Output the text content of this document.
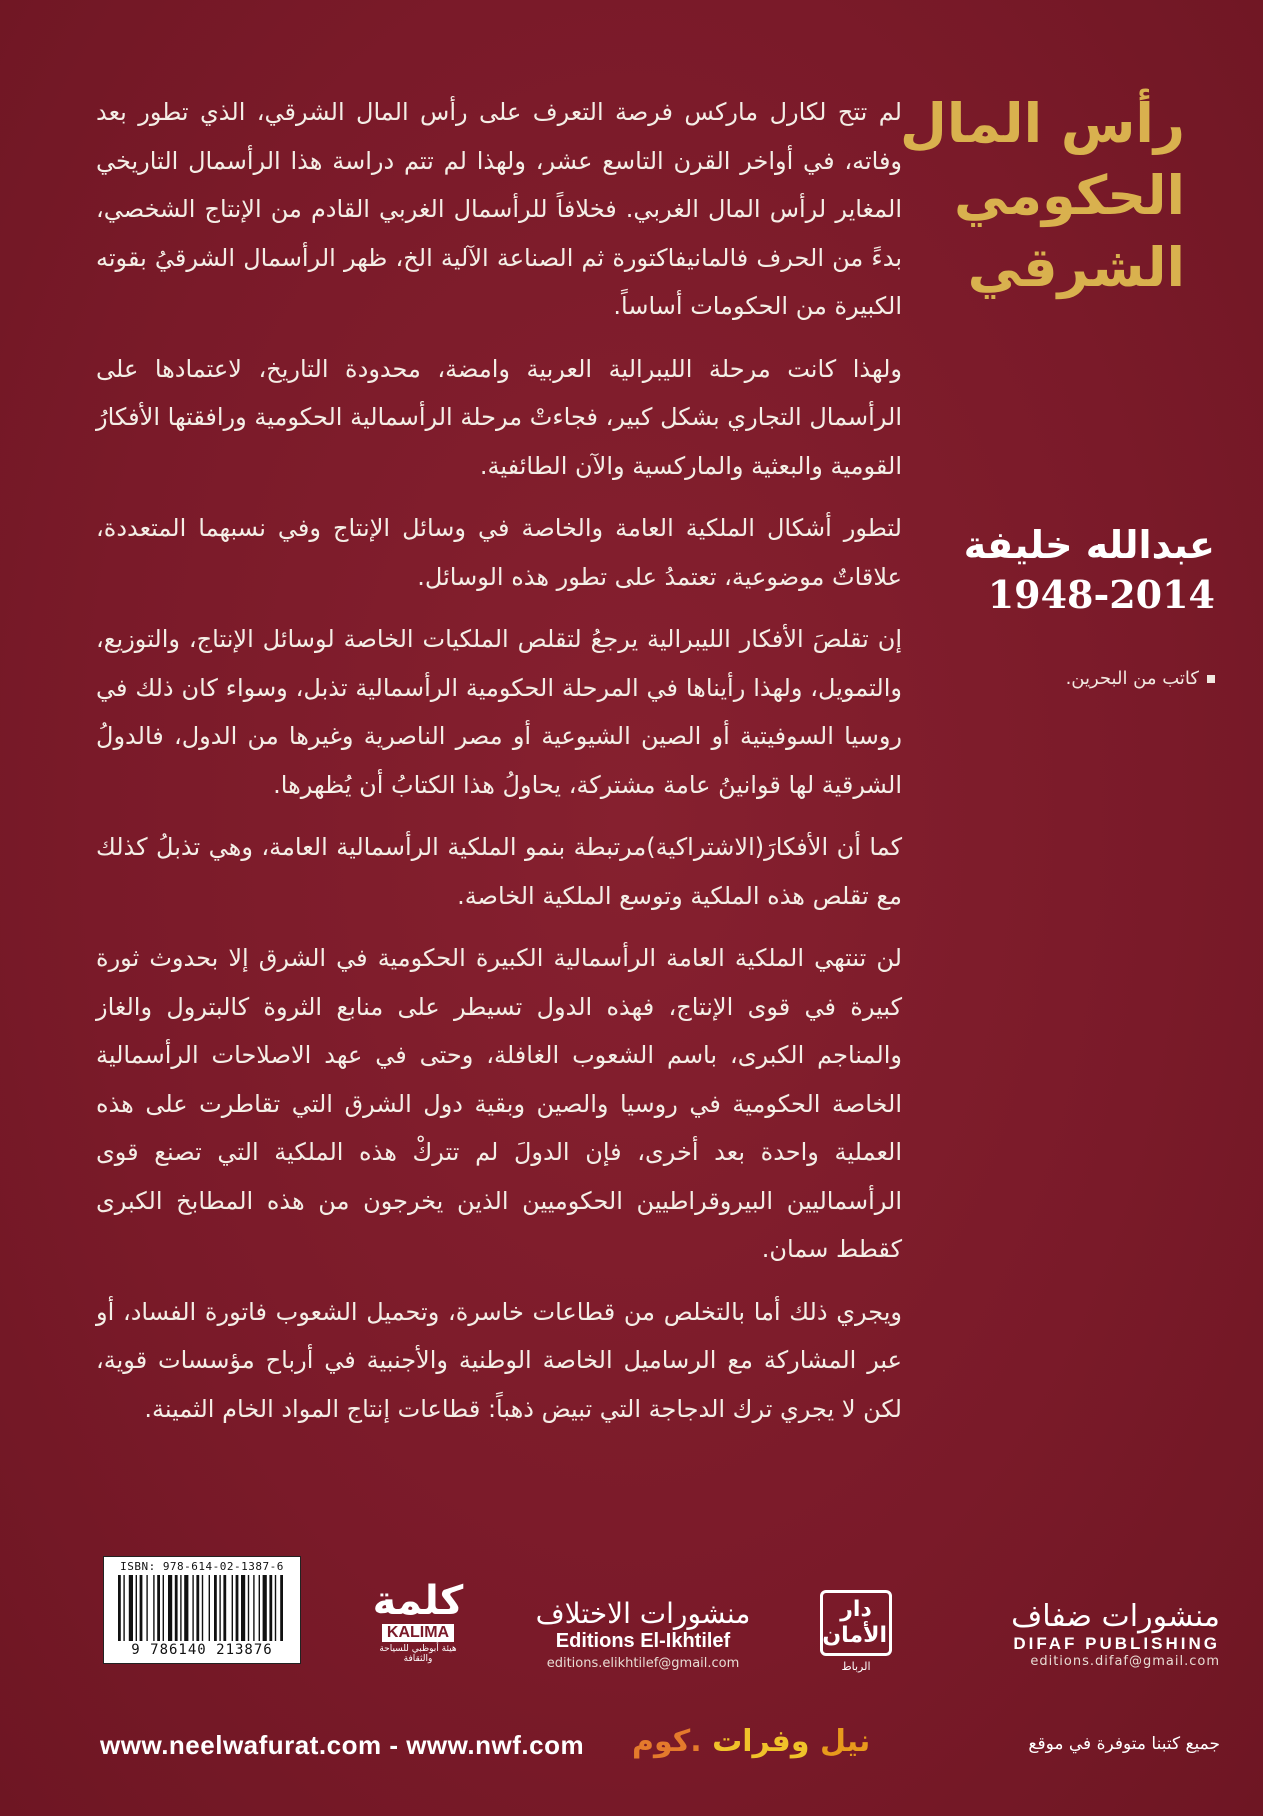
لم تتح لكارل ماركس فرصة التعرف على رأس المال الشرقي، الذي تطور بعد وفاته، في أواخر القرن التاسع عشر، ولهذا لم تتم دراسة هذا الرأسمال التاريخي المغاير لرأس المال الغربي. فخلافاً للرأسمال الغربي القادم من الإنتاج الشخصي، بدءً من الحرف فالمانيفاكتورة ثم الصناعة الآلية الخ، ظهر الرأسمال الشرقيُ بقوته الكبيرة من الحكومات أساساً.

ولهذا كانت مرحلة الليبرالية العربية وامضة، محدودة التاريخ، لاعتمادها على الرأسمال التجاري بشكل كبير، فجاءتْ مرحلة الرأسمالية الحكومية ورافقتها الأفكارُ القومية والبعثية والماركسية والآن الطائفية.

لتطور أشكال الملكية العامة والخاصة في وسائل الإنتاج وفي نسبهما المتعددة، علاقاتٌ موضوعية، تعتمدُ على تطور هذه الوسائل.

إن تقلصَ الأفكار الليبرالية يرجعُ لتقلص الملكيات الخاصة لوسائل الإنتاج، والتوزيع، والتمويل، ولهذا رأيناها في المرحلة الحكومية الرأسمالية تذبل، وسواء كان ذلك في روسيا السوفيتية أو الصين الشيوعية أو مصر الناصرية وغيرها من الدول، فالدولُ الشرقية لها قوانينُ عامة مشتركة، يحاولُ هذا الكتابُ أن يُظهرها.

كما أن الأفكارَ(الاشتراكية)مرتبطة بنمو الملكية الرأسمالية العامة، وهي تذبلُ كذلك مع تقلص هذه الملكية وتوسع الملكية الخاصة.

لن تنتهي الملكية العامة الرأسمالية الكبيرة الحكومية في الشرق إلا بحدوث ثورة كبيرة في قوى الإنتاج، فهذه الدول تسيطر على منابع الثروة كالبترول والغاز والمناجم الكبرى، باسم الشعوب الغافلة، وحتى في عهد الاصلاحات الرأسمالية الخاصة الحكومية في روسيا والصين وبقية دول الشرق التي تقاطرت على هذه العملية واحدة بعد أخرى، فإن الدولَ لم تتركْ هذه الملكية التي تصنع قوى الرأسماليين البيروقراطيين الحكوميين الذين يخرجون من هذه المطابخ الكبرى كقطط سمان.

ويجري ذلك أما بالتخلص من قطاعات خاسرة، وتحميل الشعوب فاتورة الفساد، أو عبر المشاركة مع الرساميل الخاصة الوطنية والأجنبية في أرباح مؤسسات قوية، لكن لا يجري ترك الدجاجة التي تبيض ذهباً: قطاعات إنتاج المواد الخام الثمينة.

رأس المال
الحكومي
الشرقي
عبدالله خليفة
1948-2014
كاتب من البحرين.
ISBN: 978-614-02-1387-6
9 786140 213876
كلمة
KALIMA
هيئة أبوظبي للسياحة والثقافة
منشورات الاختلاف
Editions El-Ikhtilef
editions.elikhtilef@gmail.com
دار الأمان
الرباط
منشورات ضفاف
DIFAF PUBLISHING
editions.difaf@gmail.com
www.neelwafurat.com - www.nwf.com	نيل وفرات .كوم	جميع كتبنا متوفرة في موقع
